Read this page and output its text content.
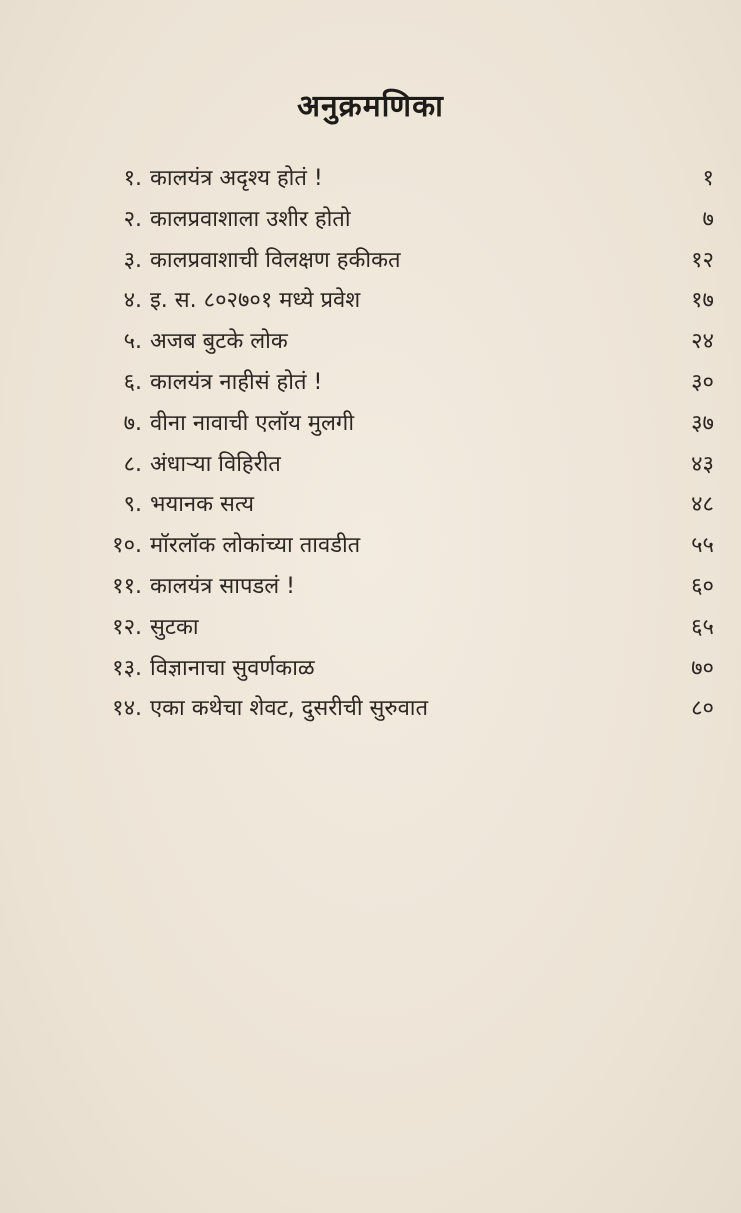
अनुक्रमणिका
१. कालयंत्र अदृश्य होतं !	१
२. कालप्रवाशाला उशीर होतो	७
३. कालप्रवाशाची विलक्षण हकीकत	१२
४. इ. स. ८०२७०१ मध्ये प्रवेश	१७
५. अजब बुटके लोक	२४
६. कालयंत्र नाहीसं होतं !	३०
७. वीना नावाची एलॉय मुलगी	३७
८. अंधाऱ्या विहिरीत	४३
९. भयानक सत्य	४८
१०. मॉरलॉक लोकांच्या तावडीत	५५
११. कालयंत्र सापडलं !	६०
१२. सुटका	६५
१३. विज्ञानाचा सुवर्णकाळ	७०
१४. एका कथेचा शेवट, दुसरीची सुरुवात	८०
